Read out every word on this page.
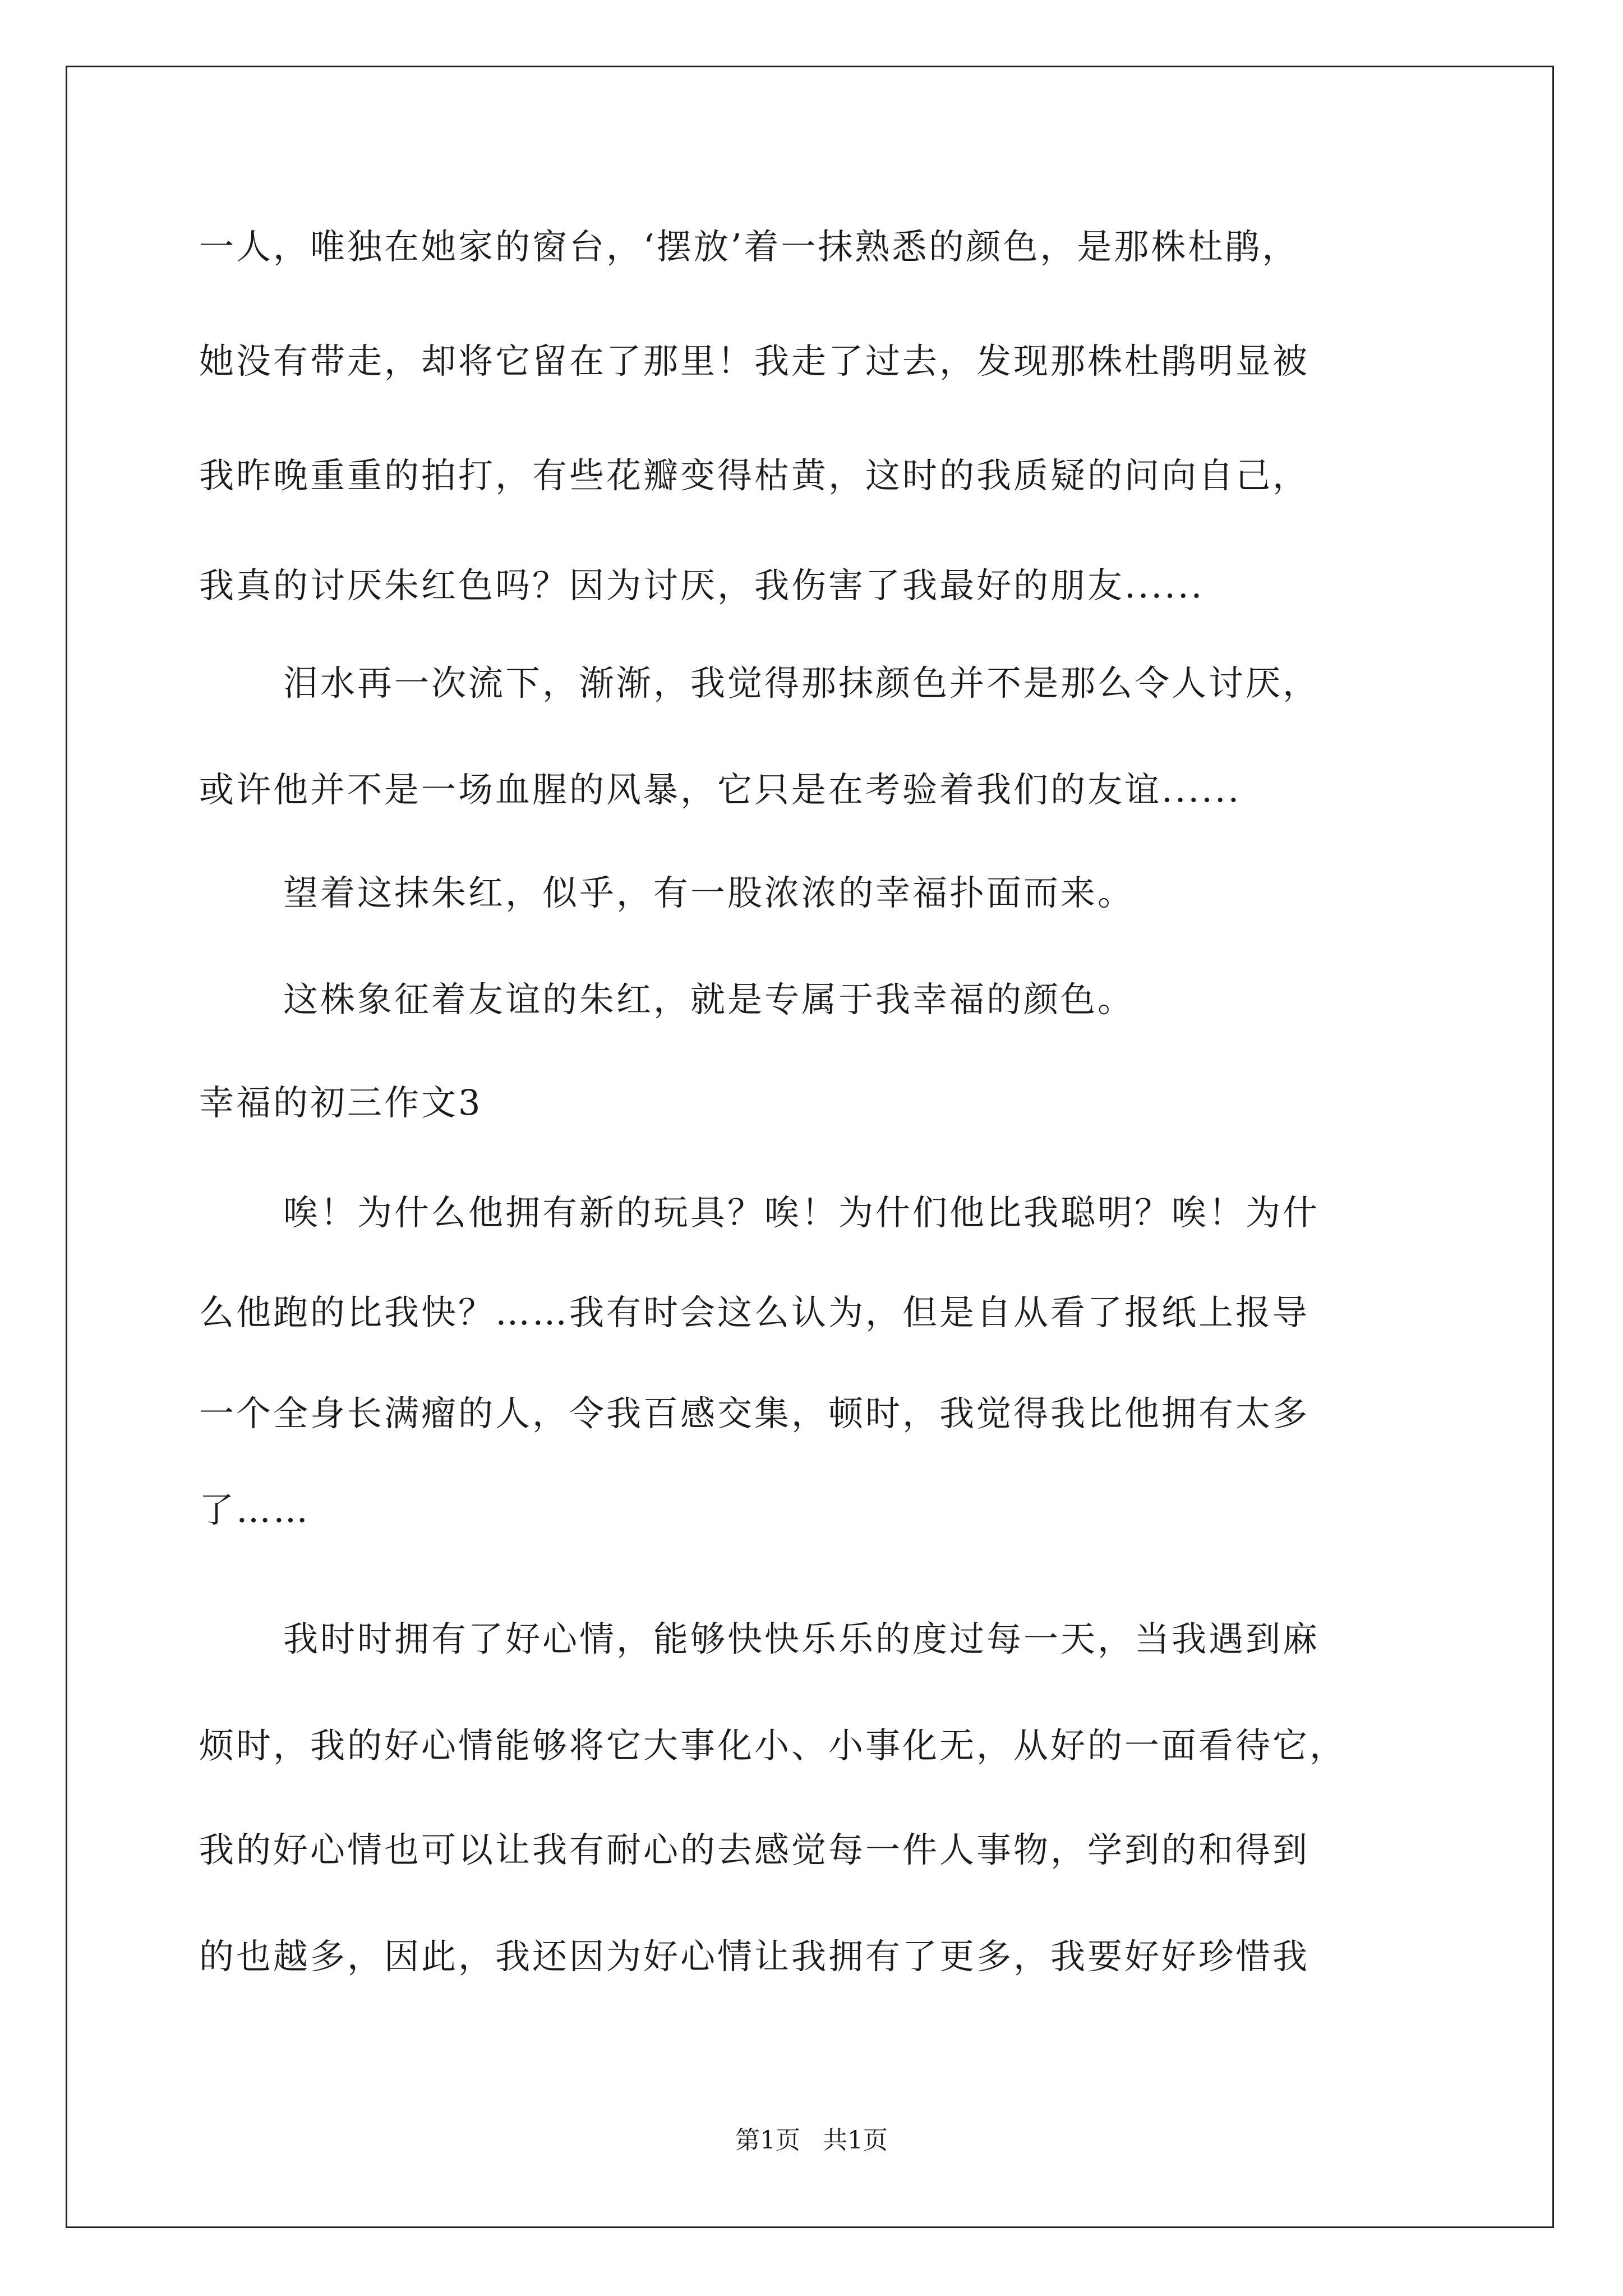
一人，唯独在她家的窗台，‘摆放’着一抹熟悉的颜色，是那株杜鹃，
她没有带走，却将它留在了那里！我走了过去，发现那株杜鹃明显被
我昨晚重重的拍打，有些花瓣变得枯黄，这时的我质疑的问向自己，
我真的讨厌朱红色吗？因为讨厌，我伤害了我最好的朋友......
泪水再一次流下，渐渐，我觉得那抹颜色并不是那么令人讨厌，
或许他并不是一场血腥的风暴，它只是在考验着我们的友谊......
望着这抹朱红，似乎，有一股浓浓的幸福扑面而来。
这株象征着友谊的朱红，就是专属于我幸福的颜色。
幸福的初三作文3
唉！为什么他拥有新的玩具？唉！为什们他比我聪明？唉！为什
么他跑的比我快？……我有时会这么认为，但是自从看了报纸上报导
一个全身长满瘤的人，令我百感交集，顿时，我觉得我比他拥有太多
了……
我时时拥有了好心情，能够快快乐乐的度过每一天，当我遇到麻
烦时，我的好心情能够将它大事化小、小事化无，从好的一面看待它，
我的好心情也可以让我有耐心的去感觉每一件人事物，学到的和得到
的也越多，因此，我还因为好心情让我拥有了更多，我要好好珍惜我
第1页 共1页
